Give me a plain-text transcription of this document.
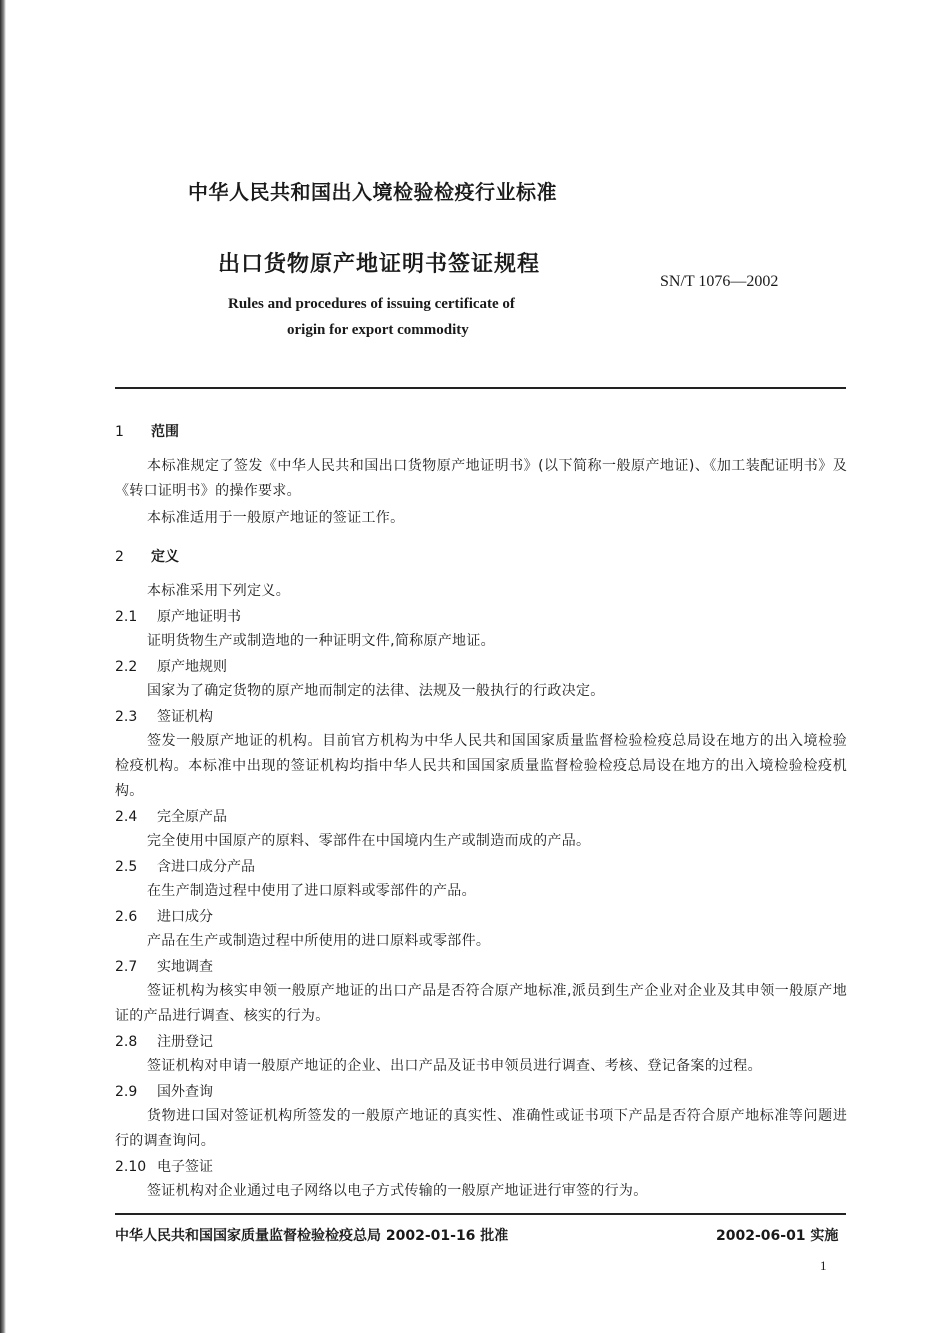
中华人民共和国出入境检验检疫行业标准
出口货物原产地证明书签证规程
SN/T 1076—2002
Rules and procedures of issuing certificate of
origin for export commodity
1 范围

本标准规定了签发《中华人民共和国出口货物原产地证明书》(以下简称一般原产地证)、《加工装配证明书》及《转口证明书》的操作要求。

本标准适用于一般原产地证的签证工作。

2 定义

本标准采用下列定义。

2.1 原产地证明书

证明货物生产或制造地的一种证明文件,简称原产地证。

2.2 原产地规则

国家为了确定货物的原产地而制定的法律、法规及一般执行的行政决定。

2.3 签证机构

签发一般原产地证的机构。目前官方机构为中华人民共和国国家质量监督检验检疫总局设在地方的出入境检验检疫机构。本标准中出现的签证机构均指中华人民共和国国家质量监督检验检疫总局设在地方的出入境检验检疫机构。

2.4 完全原产品

完全使用中国原产的原料、零部件在中国境内生产或制造而成的产品。

2.5 含进口成分产品

在生产制造过程中使用了进口原料或零部件的产品。

2.6 进口成分

产品在生产或制造过程中所使用的进口原料或零部件。

2.7 实地调查

签证机构为核实申领一般原产地证的出口产品是否符合原产地标准,派员到生产企业对企业及其申领一般原产地证的产品进行调查、核实的行为。

2.8 注册登记

签证机构对申请一般原产地证的企业、出口产品及证书申领员进行调查、考核、登记备案的过程。

2.9 国外查询

货物进口国对签证机构所签发的一般原产地证的真实性、准确性或证书项下产品是否符合原产地标准等问题进行的调查询问。

2.10 电子签证

签证机构对企业通过电子网络以电子方式传输的一般原产地证进行审签的行为。

中华人民共和国国家质量监督检验检疫总局 2002-01-16 批准	2002-06-01 实施
1
